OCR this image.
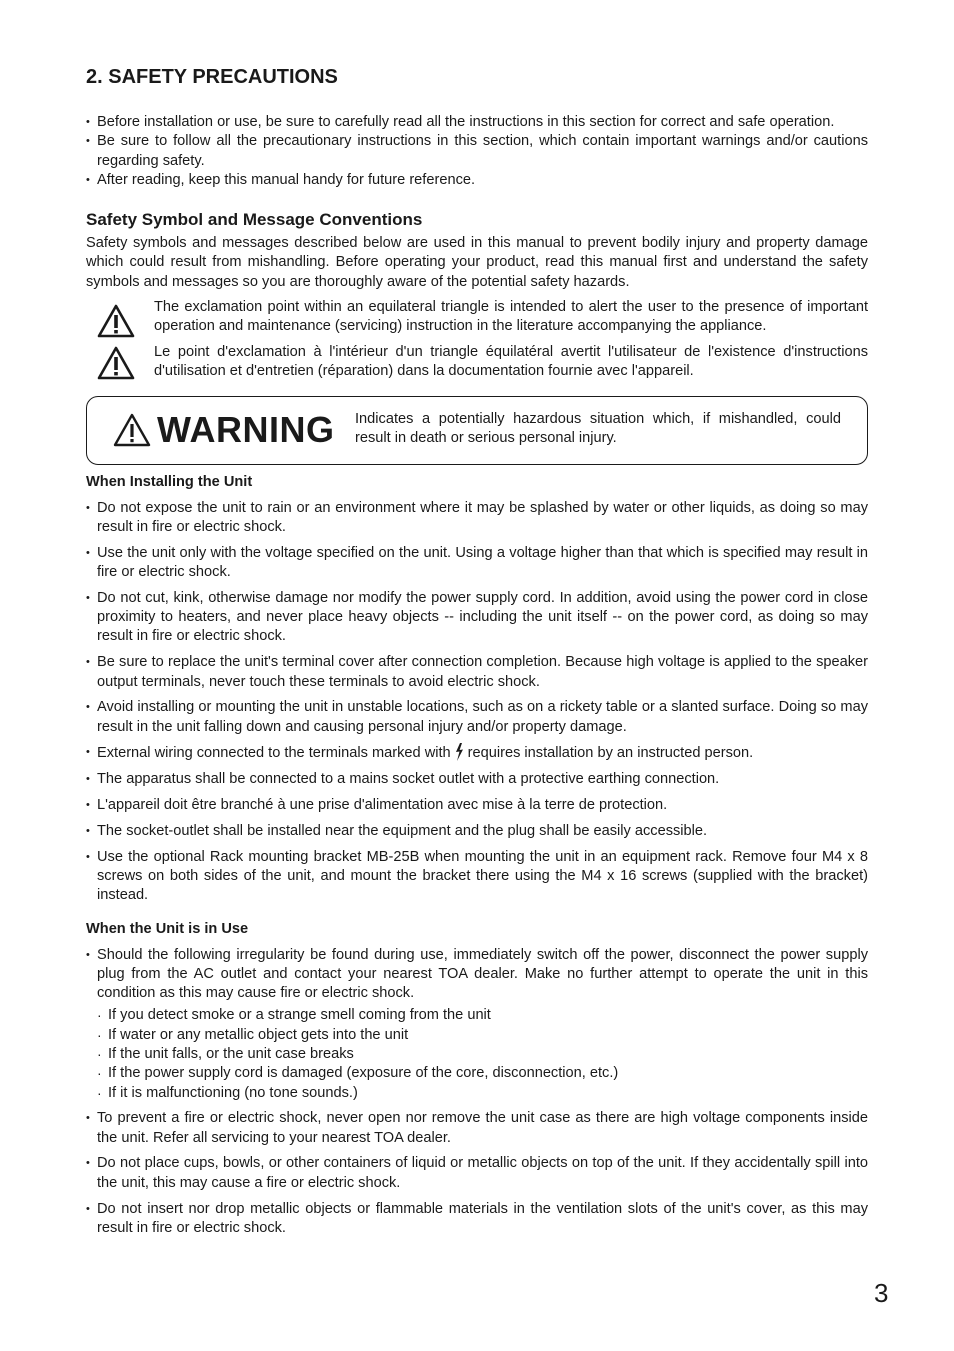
2. SAFETY PRECAUTIONS
• Before installation or use, be sure to carefully read all the instructions in this section for correct and safe operation.
• Be sure to follow all the precautionary instructions in this section, which contain important warnings and/or cautions regarding safety.
• After reading, keep this manual handy for future reference.
Safety Symbol and Message Conventions

Safety symbols and messages described below are used in this manual to prevent bodily injury and property damage which could result from mishandling. Before operating your product, read this manual first and understand the safety symbols and messages so you are thoroughly aware of the potential safety hazards.

The exclamation point within an equilateral triangle is intended to alert the user to the presence of important operation and maintenance (servicing) instruction in the literature accompanying the appliance.
Le point d'exclamation à l'intérieur d'un triangle équilatéral avertit l'utilisateur de l'existence d'instructions d'utilisation et d'entretien (réparation) dans la documentation fournie avec l'appareil.
WARNING Indicates a potentially hazardous situation which, if mishandled, could result in death or serious personal injury.
When Installing the Unit
• Do not expose the unit to rain or an environment where it may be splashed by water or other liquids, as doing so may result in fire or electric shock.
• Use the unit only with the voltage specified on the unit. Using a voltage higher than that which is specified may result in fire or electric shock.
• Do not cut, kink, otherwise damage nor modify the power supply cord. In addition, avoid using the power cord in close proximity to heaters, and never place heavy objects -- including the unit itself -- on the power cord, as doing so may result in fire or electric shock.
• Be sure to replace the unit's terminal cover after connection completion. Because high voltage is applied to the speaker output terminals, never touch these terminals to avoid electric shock.
• Avoid installing or mounting the unit in unstable locations, such as on a rickety table or a slanted surface. Doing so may result in the unit falling down and causing personal injury and/or property damage.
• External wiring connected to the terminals marked with requires installation by an instructed person.
• The apparatus shall be connected to a mains socket outlet with a protective earthing connection.
• L'appareil doit être branché à une prise d'alimentation avec mise à la terre de protection.
• The socket-outlet shall be installed near the equipment and the plug shall be easily accessible.
• Use the optional Rack mounting bracket MB-25B when mounting the unit in an equipment rack. Remove four M4 x 8 screws on both sides of the unit, and mount the bracket there using the M4 x 16 screws (supplied with the bracket) instead.
When the Unit is in Use
• Should the following irregularity be found during use, immediately switch off the power, disconnect the power supply plug from the AC outlet and contact your nearest TOA dealer. Make no further attempt to operate the unit in this condition as this may cause fire or electric shock.
· If you detect smoke or a strange smell coming from the unit
· If water or any metallic object gets into the unit
· If the unit falls, or the unit case breaks
· If the power supply cord is damaged (exposure of the core, disconnection, etc.)
· If it is malfunctioning (no tone sounds.)
• To prevent a fire or electric shock, never open nor remove the unit case as there are high voltage components inside the unit. Refer all servicing to your nearest TOA dealer.
• Do not place cups, bowls, or other containers of liquid or metallic objects on top of the unit. If they accidentally spill into the unit, this may cause a fire or electric shock.
• Do not insert nor drop metallic objects or flammable materials in the ventilation slots of the unit's cover, as this may result in fire or electric shock.
3
